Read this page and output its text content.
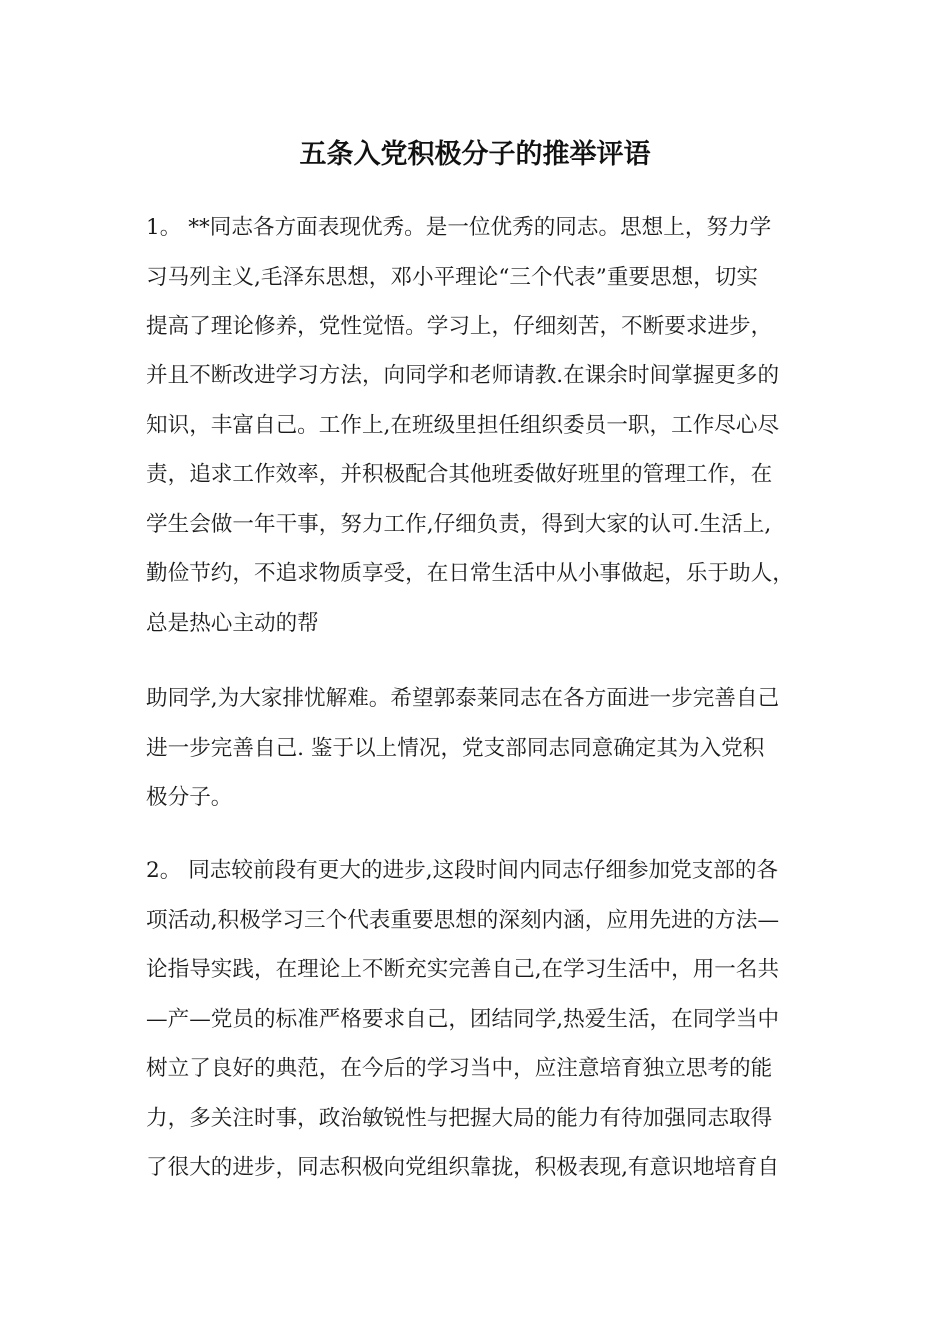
五条入党积极分子的推举评语
1。 **同志各方面表现优秀。是一位优秀的同志。思想上，努力学
习马列主义,毛泽东思想，邓小平理论“三个代表”重要思想，切实
提高了理论修养，党性觉悟。学习上，仔细刻苦，不断要求进步，
并且不断改进学习方法，向同学和老师请教.在课余时间掌握更多的
知识，丰富自己。工作上,在班级里担任组织委员一职，工作尽心尽
责，追求工作效率，并积极配合其他班委做好班里的管理工作，在
学生会做一年干事，努力工作,仔细负责，得到大家的认可.生活上,
勤俭节约，不追求物质享受，在日常生活中从小事做起，乐于助人，
总是热心主动的帮
助同学,为大家排忧解难。希望郭泰莱同志在各方面进一步完善自己
进一步完善自己. 鉴于以上情况，党支部同志同意确定其为入党积
极分子。
2。 同志较前段有更大的进步,这段时间内同志仔细参加党支部的各
项活动,积极学习三个代表重要思想的深刻内涵，应用先进的方法—
论指导实践，在理论上不断充实完善自己,在学习生活中，用一名共
—产—党员的标准严格要求自己，团结同学,热爱生活，在同学当中
树立了良好的典范，在今后的学习当中，应注意培育独立思考的能
力，多关注时事，政治敏锐性与把握大局的能力有待加强同志取得
了很大的进步，同志积极向党组织靠拢，积极表现,有意识地培育自
